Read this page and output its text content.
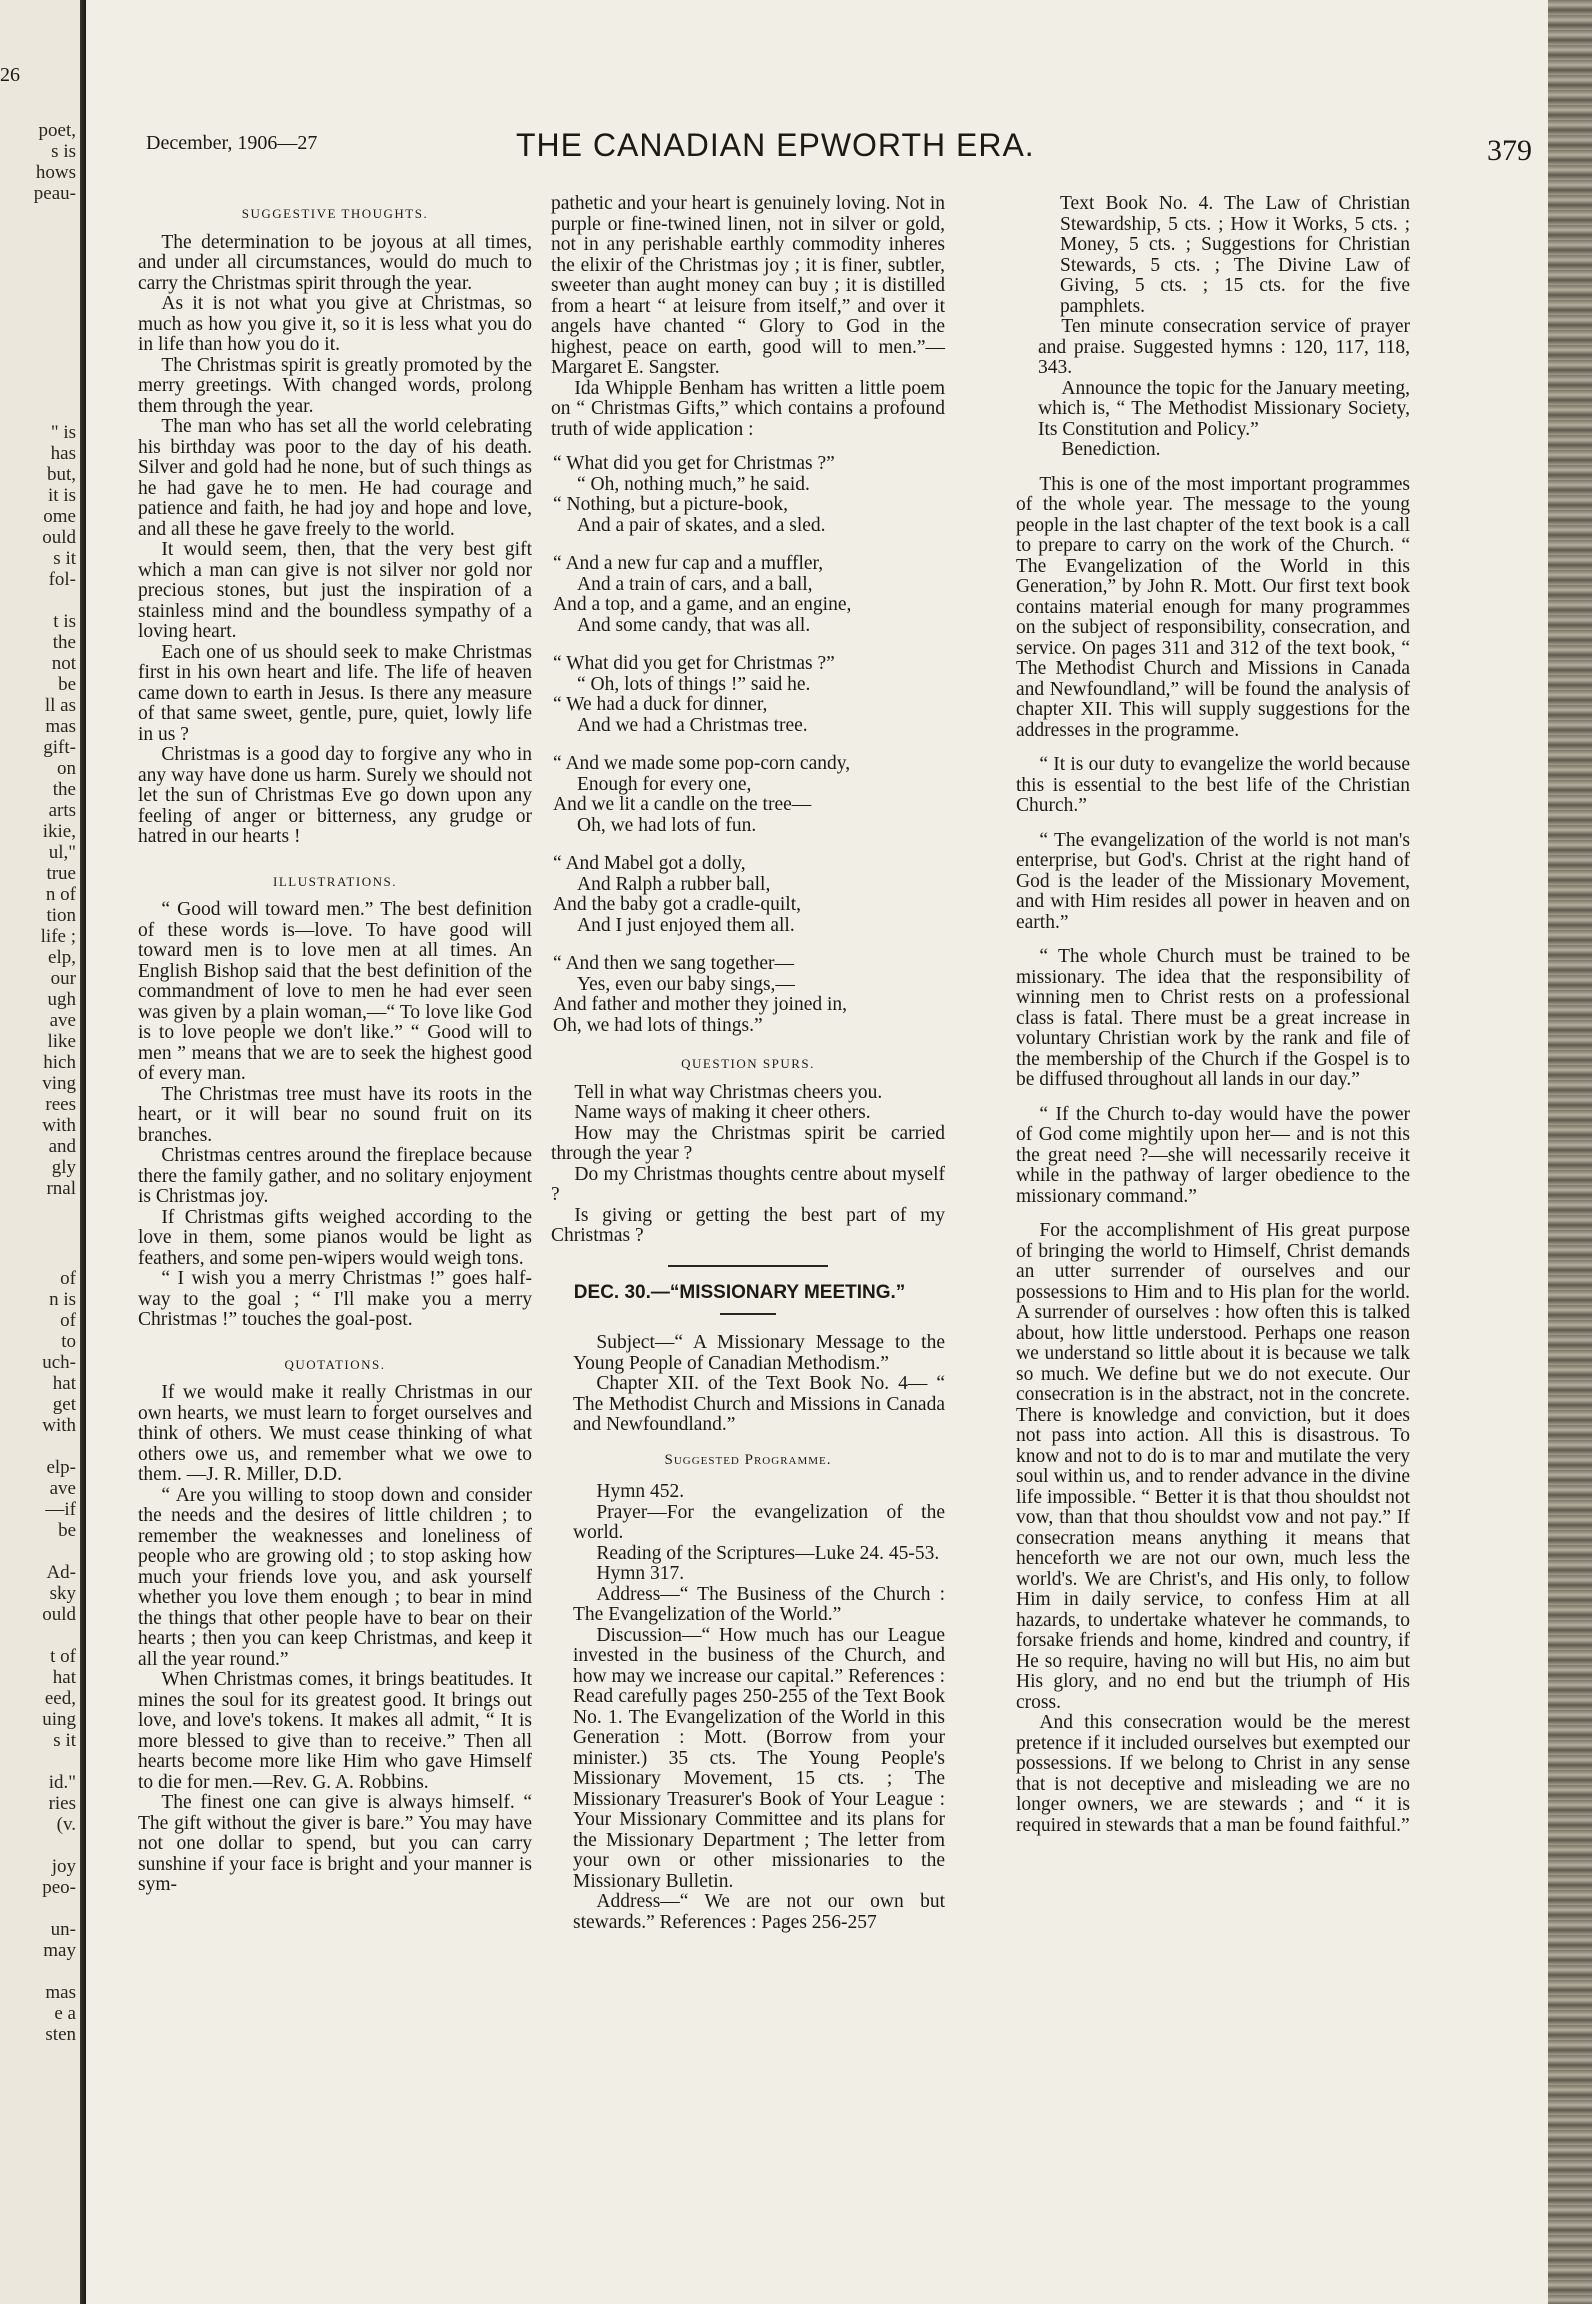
26
poet,
s is
hows
peau-
" is
has
but,
it is
ome
ould
s it
fol-

t is
the
not
be
ll as
mas
gift-
on
the
arts
ikie,
ul,"
true
n of
tion
life ;
elp,
our
ugh
ave
like
hich
ving
rees
with
and
gly
rnal
of
n is
of
to
uch-
hat
get
with

elp-
ave
—if
be

Ad-
sky
ould

t of
hat
eed,
uing
s it

id."
ries
(v.

joy
peo-

un-
may

mas
e a
sten
December, 1906—27	THE CANADIAN EPWORTH ERA.	379
SUGGESTIVE THOUGHTS.

The determination to be joyous at all times, and under all circumstances, would do much to carry the Christmas spirit through the year.

As it is not what you give at Christmas, so much as how you give it, so it is less what you do in life than how you do it.

The Christmas spirit is greatly promoted by the merry greetings. With changed words, prolong them through the year.

The man who has set all the world celebrating his birthday was poor to the day of his death. Silver and gold had he none, but of such things as he had gave he to men. He had courage and patience and faith, he had joy and hope and love, and all these he gave freely to the world.

It would seem, then, that the very best gift which a man can give is not silver nor gold nor precious stones, but just the inspiration of a stainless mind and the boundless sympathy of a loving heart.

Each one of us should seek to make Christmas first in his own heart and life. The life of heaven came down to earth in Jesus. Is there any measure of that same sweet, gentle, pure, quiet, lowly life in us ?

Christmas is a good day to forgive any who in any way have done us harm. Surely we should not let the sun of Christmas Eve go down upon any feeling of anger or bitterness, any grudge or hatred in our hearts !

ILLUSTRATIONS.

“ Good will toward men.” The best definition of these words is—love. To have good will toward men is to love men at all times. An English Bishop said that the best definition of the commandment of love to men he had ever seen was given by a plain woman,—“ To love like God is to love people we don't like.” “ Good will to men ” means that we are to seek the highest good of every man.

The Christmas tree must have its roots in the heart, or it will bear no sound fruit on its branches.

Christmas centres around the fireplace because there the family gather, and no solitary enjoyment is Christmas joy.

If Christmas gifts weighed according to the love in them, some pianos would be light as feathers, and some pen-wipers would weigh tons.

“ I wish you a merry Christmas !” goes half-way to the goal ; “ I'll make you a merry Christmas !” touches the goal-post.

QUOTATIONS.

If we would make it really Christmas in our own hearts, we must learn to forget ourselves and think of others. We must cease thinking of what others owe us, and remember what we owe to them. —J. R. Miller, D.D.

“ Are you willing to stoop down and consider the needs and the desires of little children ; to remember the weaknesses and loneliness of people who are growing old ; to stop asking how much your friends love you, and ask yourself whether you love them enough ; to bear in mind the things that other people have to bear on their hearts ; then you can keep Christmas, and keep it all the year round.”

When Christmas comes, it brings beatitudes. It mines the soul for its greatest good. It brings out love, and love's tokens. It makes all admit, “ It is more blessed to give than to receive.” Then all hearts become more like Him who gave Himself to die for men.—Rev. G. A. Robbins.

The finest one can give is always himself. “ The gift without the giver is bare.” You may have not one dollar to spend, but you can carry sunshine if your face is bright and your manner is sym-

pathetic and your heart is genuinely loving. Not in purple or fine-twined linen, not in silver or gold, not in any perishable earthly commodity inheres the elixir of the Christmas joy ; it is finer, subtler, sweeter than aught money can buy ; it is distilled from a heart “ at leisure from itself,” and over it angels have chanted “ Glory to God in the highest, peace on earth, good will to men.”— Margaret E. Sangster.

Ida Whipple Benham has written a little poem on “ Christmas Gifts,” which contains a profound truth of wide application :

“ What did you get for Christmas ?”

“ Oh, nothing much,” he said.

“ Nothing, but a picture-book,

And a pair of skates, and a sled.

“ And a new fur cap and a muffler,

And a train of cars, and a ball,

And a top, and a game, and an engine,

And some candy, that was all.

“ What did you get for Christmas ?”

“ Oh, lots of things !” said he.

“ We had a duck for dinner,

And we had a Christmas tree.

“ And we made some pop-corn candy,

Enough for every one,

And we lit a candle on the tree—

Oh, we had lots of fun.

“ And Mabel got a dolly,

And Ralph a rubber ball,

And the baby got a cradle-quilt,

And I just enjoyed them all.

“ And then we sang together—

Yes, even our baby sings,—

And father and mother they joined in,

Oh, we had lots of things.”

QUESTION SPURS.

Tell in what way Christmas cheers you.

Name ways of making it cheer others.

How may the Christmas spirit be carried through the year ?

Do my Christmas thoughts centre about myself ?

Is giving or getting the best part of my Christmas ?

DEC. 30.—“MISSIONARY MEETING.”

Subject—“ A Missionary Message to the Young People of Canadian Methodism.”

Chapter XII. of the Text Book No. 4— “ The Methodist Church and Missions in Canada and Newfoundland.”

Suggested Programme.

Hymn 452.

Prayer—For the evangelization of the world.

Reading of the Scriptures—Luke 24. 45-53.

Hymn 317.

Address—“ The Business of the Church : The Evangelization of the World.”

Discussion—“ How much has our League invested in the business of the Church, and how may we increase our capital.” References : Read carefully pages 250-255 of the Text Book No. 1. The Evangelization of the World in this Generation : Mott. (Borrow from your minister.) 35 cts. The Young People's Missionary Movement, 15 cts. ; The Missionary Treasurer's Book of Your League : Your Missionary Committee and its plans for the Missionary Department ; The letter from your own or other missionaries to the Missionary Bulletin.

Address—“ We are not our own but stewards.” References : Pages 256-257

Text Book No. 4. The Law of Christian Stewardship, 5 cts. ; How it Works, 5 cts. ; Money, 5 cts. ; Suggestions for Christian Stewards, 5 cts. ; The Divine Law of Giving, 5 cts. ; 15 cts. for the five pamphlets.

Ten minute consecration service of prayer and praise. Suggested hymns : 120, 117, 118, 343.

Announce the topic for the January meeting, which is, “ The Methodist Missionary Society, Its Constitution and Policy.”

Benediction.

This is one of the most important programmes of the whole year. The message to the young people in the last chapter of the text book is a call to prepare to carry on the work of the Church. “ The Evangelization of the World in this Generation,” by John R. Mott. Our first text book contains material enough for many programmes on the subject of responsibility, consecration, and service. On pages 311 and 312 of the text book, “ The Methodist Church and Missions in Canada and Newfoundland,” will be found the analysis of chapter XII. This will supply suggestions for the addresses in the programme.

“ It is our duty to evangelize the world because this is essential to the best life of the Christian Church.”

“ The evangelization of the world is not man's enterprise, but God's. Christ at the right hand of God is the leader of the Missionary Movement, and with Him resides all power in heaven and on earth.”

“ The whole Church must be trained to be missionary. The idea that the responsibility of winning men to Christ rests on a professional class is fatal. There must be a great increase in voluntary Christian work by the rank and file of the membership of the Church if the Gospel is to be diffused throughout all lands in our day.”

“ If the Church to-day would have the power of God come mightily upon her— and is not this the great need ?—she will necessarily receive it while in the pathway of larger obedience to the missionary command.”

For the accomplishment of His great purpose of bringing the world to Himself, Christ demands an utter surrender of ourselves and our possessions to Him and to His plan for the world. A surrender of ourselves : how often this is talked about, how little understood. Perhaps one reason we understand so little about it is because we talk so much. We define but we do not execute. Our consecration is in the abstract, not in the concrete. There is knowledge and conviction, but it does not pass into action. All this is disastrous. To know and not to do is to mar and mutilate the very soul within us, and to render advance in the divine life impossible. “ Better it is that thou shouldst not vow, than that thou shouldst vow and not pay.” If consecration means anything it means that henceforth we are not our own, much less the world's. We are Christ's, and His only, to follow Him in daily service, to confess Him at all hazards, to undertake whatever he commands, to forsake friends and home, kindred and country, if He so require, having no will but His, no aim but His glory, and no end but the triumph of His cross.

And this consecration would be the merest pretence if it included ourselves but exempted our possessions. If we belong to Christ in any sense that is not deceptive and misleading we are no longer owners, we are stewards ; and “ it is required in stewards that a man be found faithful.”
